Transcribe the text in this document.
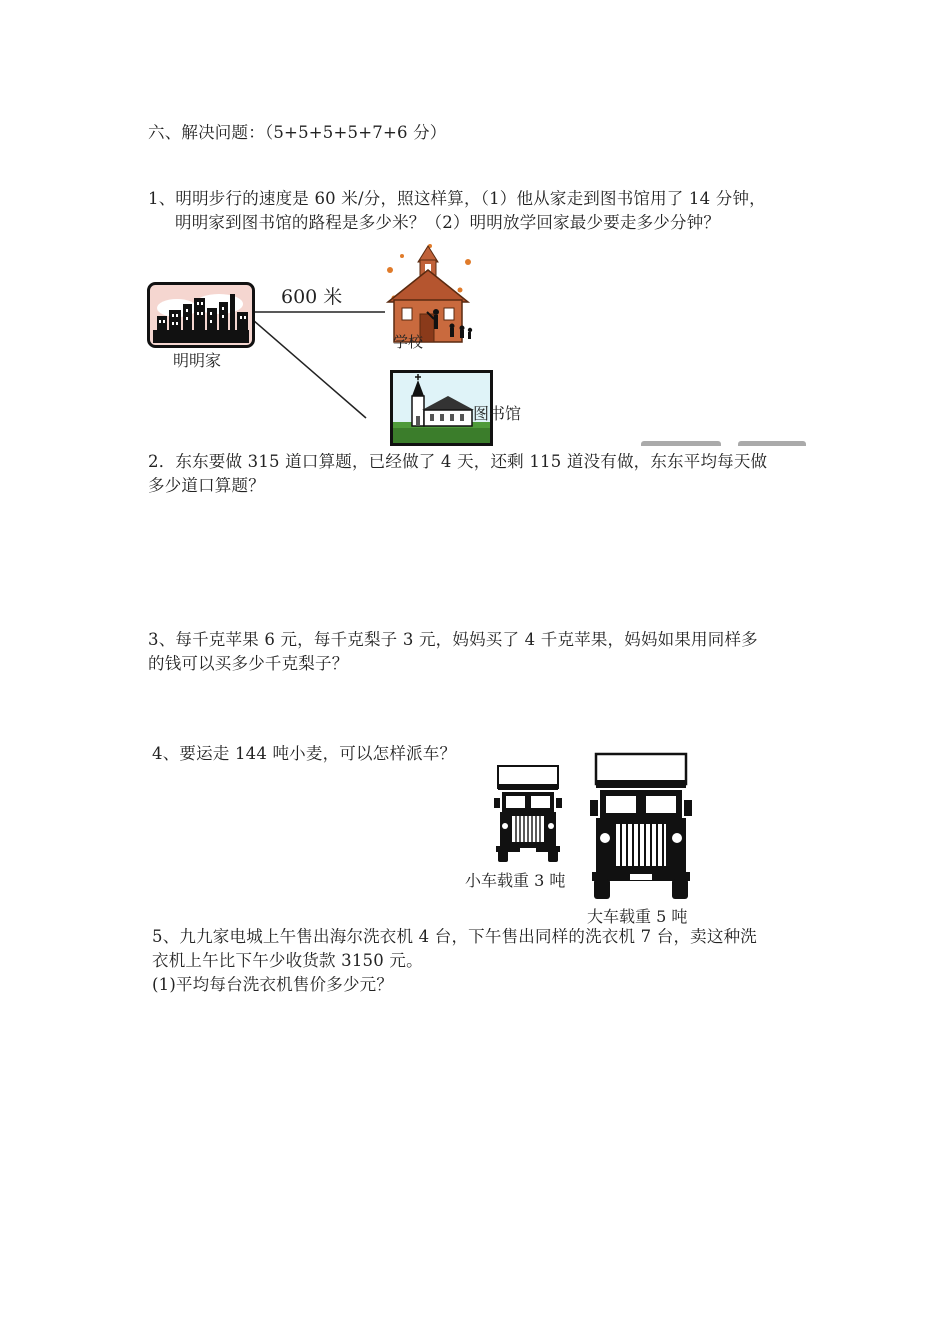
六、解决问题：（5+5+5+5+7+6 分）
1、明明步行的速度是 60 米/分，照这样算，（1）他从家走到图书馆用了 14 分钟，
明明家到图书馆的路程是多少米？（2）明明放学回家最少要走多少分钟？
600 米
明明家
学校
图书馆
2．东东要做 315 道口算题，已经做了 4 天，还剩 115 道没有做，东东平均每天做
多少道口算题？
3、每千克苹果 6 元，每千克梨子 3 元，妈妈买了 4 千克苹果，妈妈如果用同样多
的钱可以买多少千克梨子？
4、要运走 144 吨小麦，可以怎样派车？
小车载重 3 吨
大车载重 5 吨
5、九九家电城上午售出海尔洗衣机 4 台，下午售出同样的洗衣机 7 台，卖这种洗
衣机上午比下午少收货款 3150 元。
(1)平均每台洗衣机售价多少元？
